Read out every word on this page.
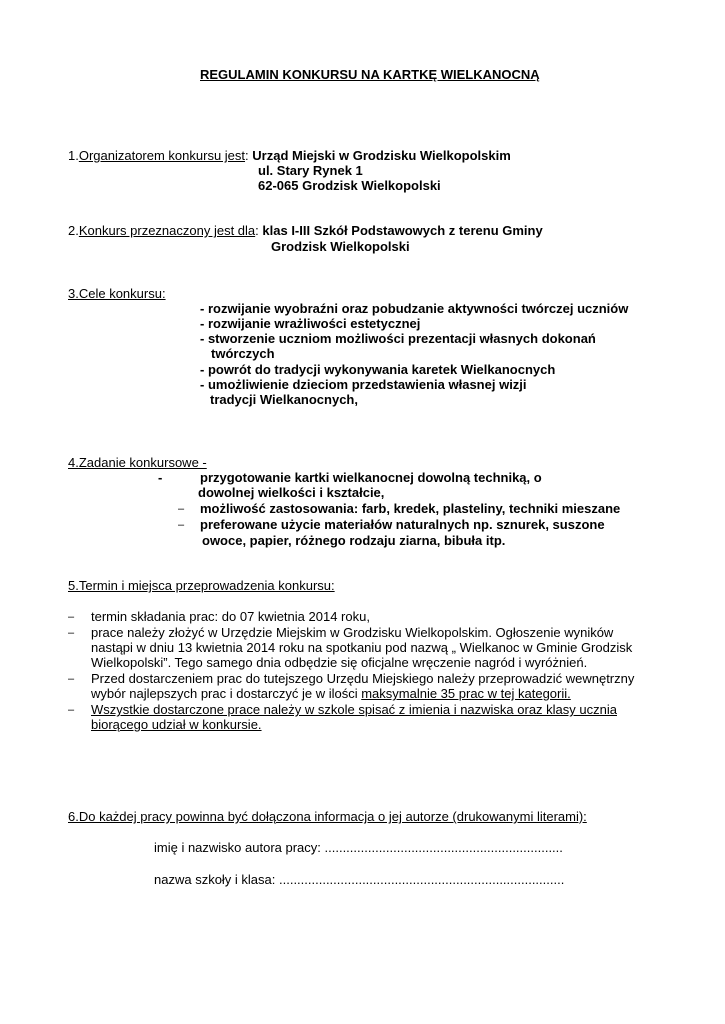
REGULAMIN KONKURSU NA KARTKĘ WIELKANOCNĄ
1.Organizatorem konkursu jest: Urząd Miejski w Grodzisku Wielkopolskim
ul. Stary Rynek 1
62-065 Grodzisk Wielkopolski
2.Konkurs przeznaczony jest dla: klas I-III Szkół Podstawowych z terenu Gminy
Grodzisk Wielkopolski
3.Cele konkursu:
- rozwijanie wyobraźni oraz pobudzanie aktywności twórczej uczniów
- rozwijanie wrażliwości estetycznej
- stworzenie uczniom możliwości prezentacji własnych dokonań
twórczych
- powrót do tradycji wykonywania karetek Wielkanocnych
- umożliwienie dzieciom przedstawienia własnej wizji
tradycji Wielkanocnych,
4.Zadanie konkursowe -
-	przygotowanie kartki wielkanocnej dowolną techniką, o
dowolnej wielkości i kształcie,
– możliwość zastosowania: farb, kredek, plasteliny, techniki mieszane
– preferowane użycie materiałów naturalnych np. sznurek, suszone
owoce, papier, różnego rodzaju ziarna, bibuła itp.
5.Termin i miejsca przeprowadzenia konkursu:
– termin składania prac: do 07 kwietnia 2014 roku,
– prace należy złożyć w Urzędzie Miejskim w Grodzisku Wielkopolskim. Ogłoszenie wyników
nastąpi w dniu 13 kwietnia 2014 roku na spotkaniu pod nazwą „ Wielkanoc w Gminie Grodzisk
Wielkopolski”. Tego samego dnia odbędzie się oficjalne wręczenie nagród i wyróżnień.
– Przed dostarczeniem prac do tutejszego Urzędu Miejskiego należy przeprowadzić wewnętrzny
wybór najlepszych prac i dostarczyć je w ilości maksymalnie 35 prac w tej kategorii.
– Wszystkie dostarczone prace należy w szkole spisać z imienia i nazwiska oraz klasy ucznia
biorącego udział w konkursie.
6.Do każdej pracy powinna być dołączona informacja o jej autorze (drukowanymi literami):
imię i nazwisko autora pracy: ..................................................................
nazwa szkoły i klasa: ...............................................................................
